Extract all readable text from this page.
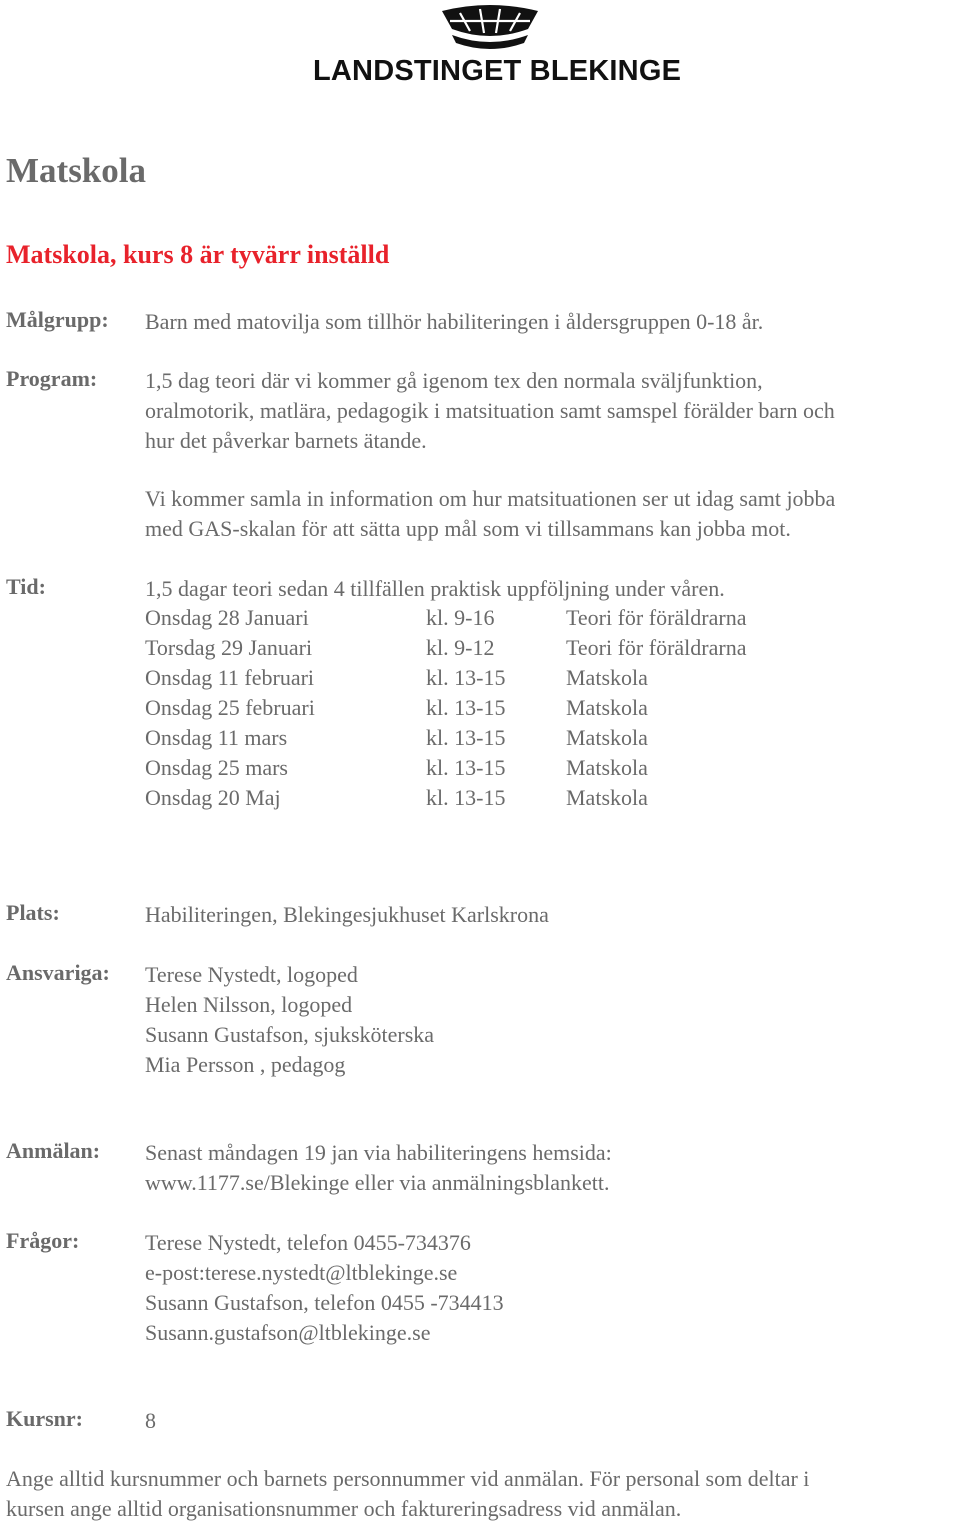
LANDSTINGET BLEKINGE
Matskola
Matskola, kurs 8 är tyvärr inställd
Målgrupp: Barn med matovilja som tillhör habiliteringen i åldersgruppen 0-18 år.
Program: 1,5 dag teori där vi kommer gå igenom tex den normala sväljfunktion,
oralmotorik, matlära, pedagogik i matsituation samt samspel förälder barn och
hur det påverkar barnets ätande.
Vi kommer samla in information om hur matsituationen ser ut idag samt jobba
med GAS-skalan för att sätta upp mål som vi tillsammans kan jobba mot.
Tid:	1,5 dagar teori sedan 4 tillfällen praktisk uppföljning under våren.
Onsdag 28 Januari	kl. 9-16	Teori för föräldrarna
Torsdag 29 Januari	kl. 9-12	Teori för föräldrarna
Onsdag 11 februari	kl. 13-15	Matskola
Onsdag 25 februari	kl. 13-15	Matskola
Onsdag 11 mars	kl. 13-15	Matskola
Onsdag 25 mars	kl. 13-15	Matskola
Onsdag 20 Maj	kl. 13-15	Matskola
Plats:	Habiliteringen, Blekingesjukhuset Karlskrona
Ansvariga: Terese Nystedt, logoped
Helen Nilsson, logoped
Susann Gustafson, sjuksköterska
Mia Persson , pedagog
Anmälan: Senast måndagen 19 jan via habiliteringens hemsida:
www.1177.se/Blekinge eller via anmälningsblankett.
Frågor:	Terese Nystedt, telefon 0455-734376
e-post:terese.nystedt@ltblekinge.se
Susann Gustafson, telefon 0455 -734413
Susann.gustafson@ltblekinge.se
Kursnr:	8
Ange alltid kursnummer och barnets personnummer vid anmälan. För personal som deltar i
kursen ange alltid organisationsnummer och faktureringsadress vid anmälan.
